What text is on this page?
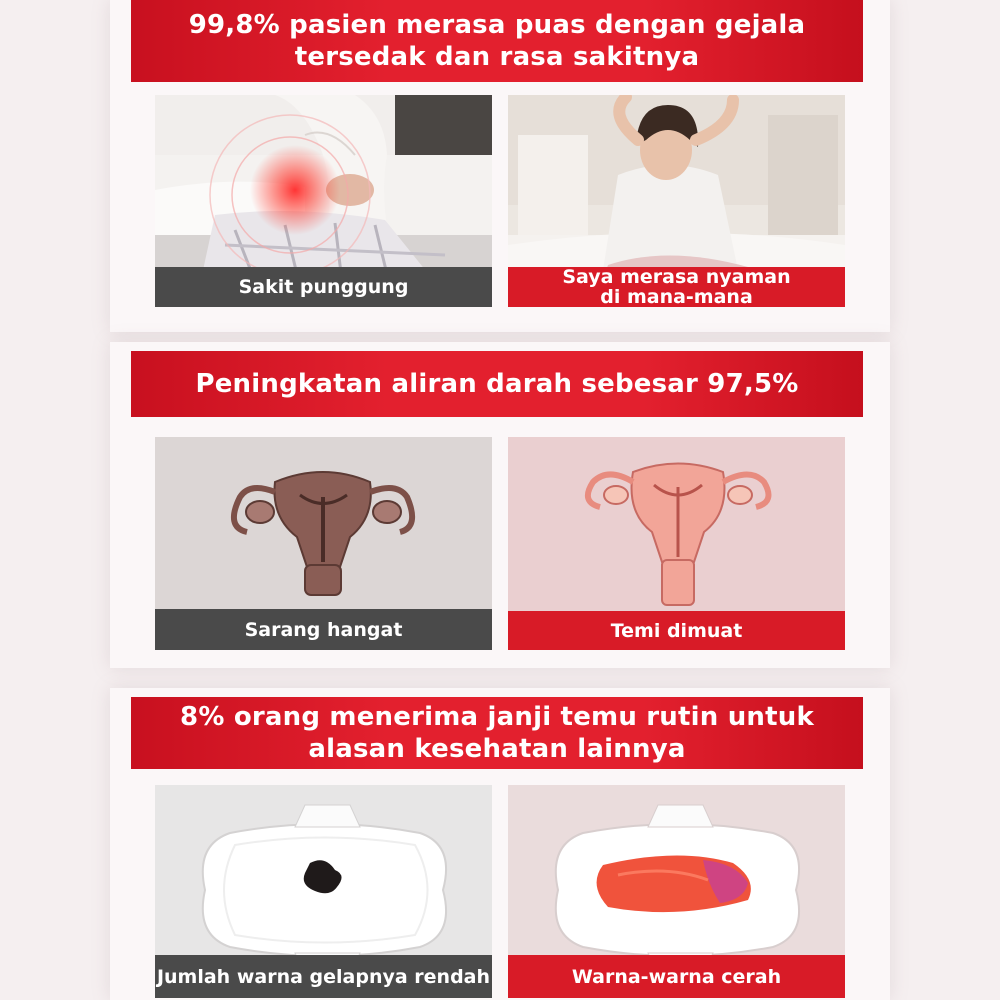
99,8% pasien merasa puas dengan gejala
tersedak dan rasa sakitnya
Sakit punggung	Saya merasa nyaman
di mana-mana
Peningkatan aliran darah sebesar 97,5%
Sarang hangat	Temi dimuat
8% orang menerima janji temu rutin untuk
alasan kesehatan lainnya
Jumlah warna gelapnya rendah	Warna-warna cerah
